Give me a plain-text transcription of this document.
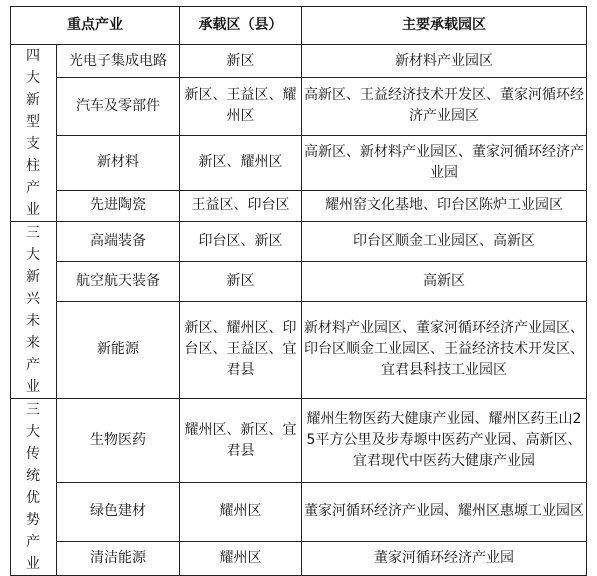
重点产业		承载区（县）	主要承载园区
四大新型支柱产业	光电子集成电路	新区	新材料产业园区
	汽车及零部件	新区、王益区、耀州区	高新区、王益经济技术开发区、董家河循环经济产业园区
	新材料	新区、耀州区	高新区、新材料产业园区、董家河循环经济产业园
	先进陶瓷	王益区、印台区	耀州窑文化基地、印台区陈炉工业园区
三大新兴未来产业	高端装备	印台区、新区	印台区顺金工业园区、高新区
	航空航天装备	新区	高新区
	新能源	新区、耀州区、印台区、王益区、宜君县	新材料产业园区、董家河循环经济产业园区、印台区顺金工业园区、王益经济技术开发区、宜君县科技工业园区
三大传统优势产业	生物医药	耀州区、新区、宜君县	耀州生物医药大健康产业园、耀州区药王山25平方公里及步寿塬中医药产业园、高新区、宜君现代中医药大健康产业园
	绿色建材	耀州区	董家河循环经济产业园、耀州区惠塬工业园区
	清洁能源	耀州区	董家河循环经济产业园
